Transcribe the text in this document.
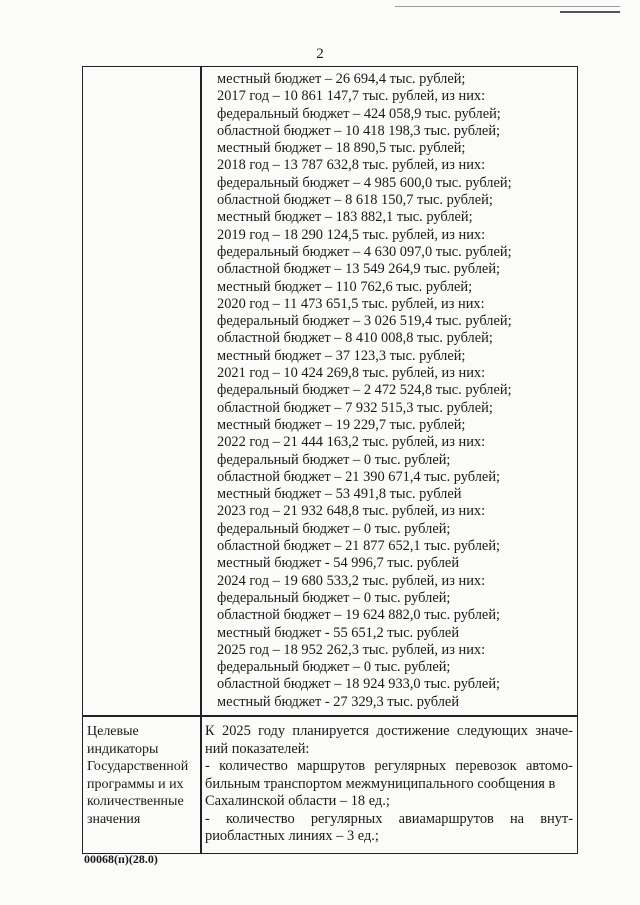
2
местный бюджет – 26 694,4 тыс. рублей;
2017 год – 10 861 147,7 тыс. рублей, из них:
федеральный бюджет – 424 058,9 тыс. рублей;
областной бюджет – 10 418 198,3 тыс. рублей;
местный бюджет – 18 890,5 тыс. рублей;
2018 год – 13 787 632,8 тыс. рублей, из них:
федеральный бюджет – 4 985 600,0 тыс. рублей;
областной бюджет – 8 618 150,7 тыс. рублей;
местный бюджет – 183 882,1 тыс. рублей;
2019 год – 18 290 124,5 тыс. рублей, из них:
федеральный бюджет – 4 630 097,0 тыс. рублей;
областной бюджет – 13 549 264,9 тыс. рублей;
местный бюджет – 110 762,6 тыс. рублей;
2020 год – 11 473 651,5 тыс. рублей, из них:
федеральный бюджет – 3 026 519,4 тыс. рублей;
областной бюджет – 8 410 008,8 тыс. рублей;
местный бюджет – 37 123,3 тыс. рублей;
2021 год – 10 424 269,8 тыс. рублей, из них:
федеральный бюджет – 2 472 524,8 тыс. рублей;
областной бюджет – 7 932 515,3 тыс. рублей;
местный бюджет – 19 229,7 тыс. рублей;
2022 год – 21 444 163,2 тыс. рублей, из них:
федеральный бюджет – 0 тыс. рублей;
областной бюджет – 21 390 671,4 тыс. рублей;
местный бюджет – 53 491,8 тыс. рублей
2023 год – 21 932 648,8 тыс. рублей, из них:
федеральный бюджет – 0 тыс. рублей;
областной бюджет – 21 877 652,1 тыс. рублей;
местный бюджет - 54 996,7 тыс. рублей
2024 год – 19 680 533,2 тыс. рублей, из них:
федеральный бюджет – 0 тыс. рублей;
областной бюджет – 19 624 882,0 тыс. рублей;
местный бюджет - 55 651,2 тыс. рублей
2025 год – 18 952 262,3 тыс. рублей, из них:
федеральный бюджет – 0 тыс. рублей;
областной бюджет – 18 924 933,0 тыс. рублей;
местный бюджет - 27 329,3 тыс. рублей
Целевые
индикаторы
Государственной
программы и их
количественные
значения
К 2025 году планируется достижение следующих значе-
ний показателей:
- количество маршрутов регулярных перевозок автомо-
бильным транспортом межмуниципального сообщения в
Сахалинской области – 18 ед.;
- количество регулярных авиамаршрутов на внут-
риобластных линиях – 3 ед.;
00068(п)(28.0)
